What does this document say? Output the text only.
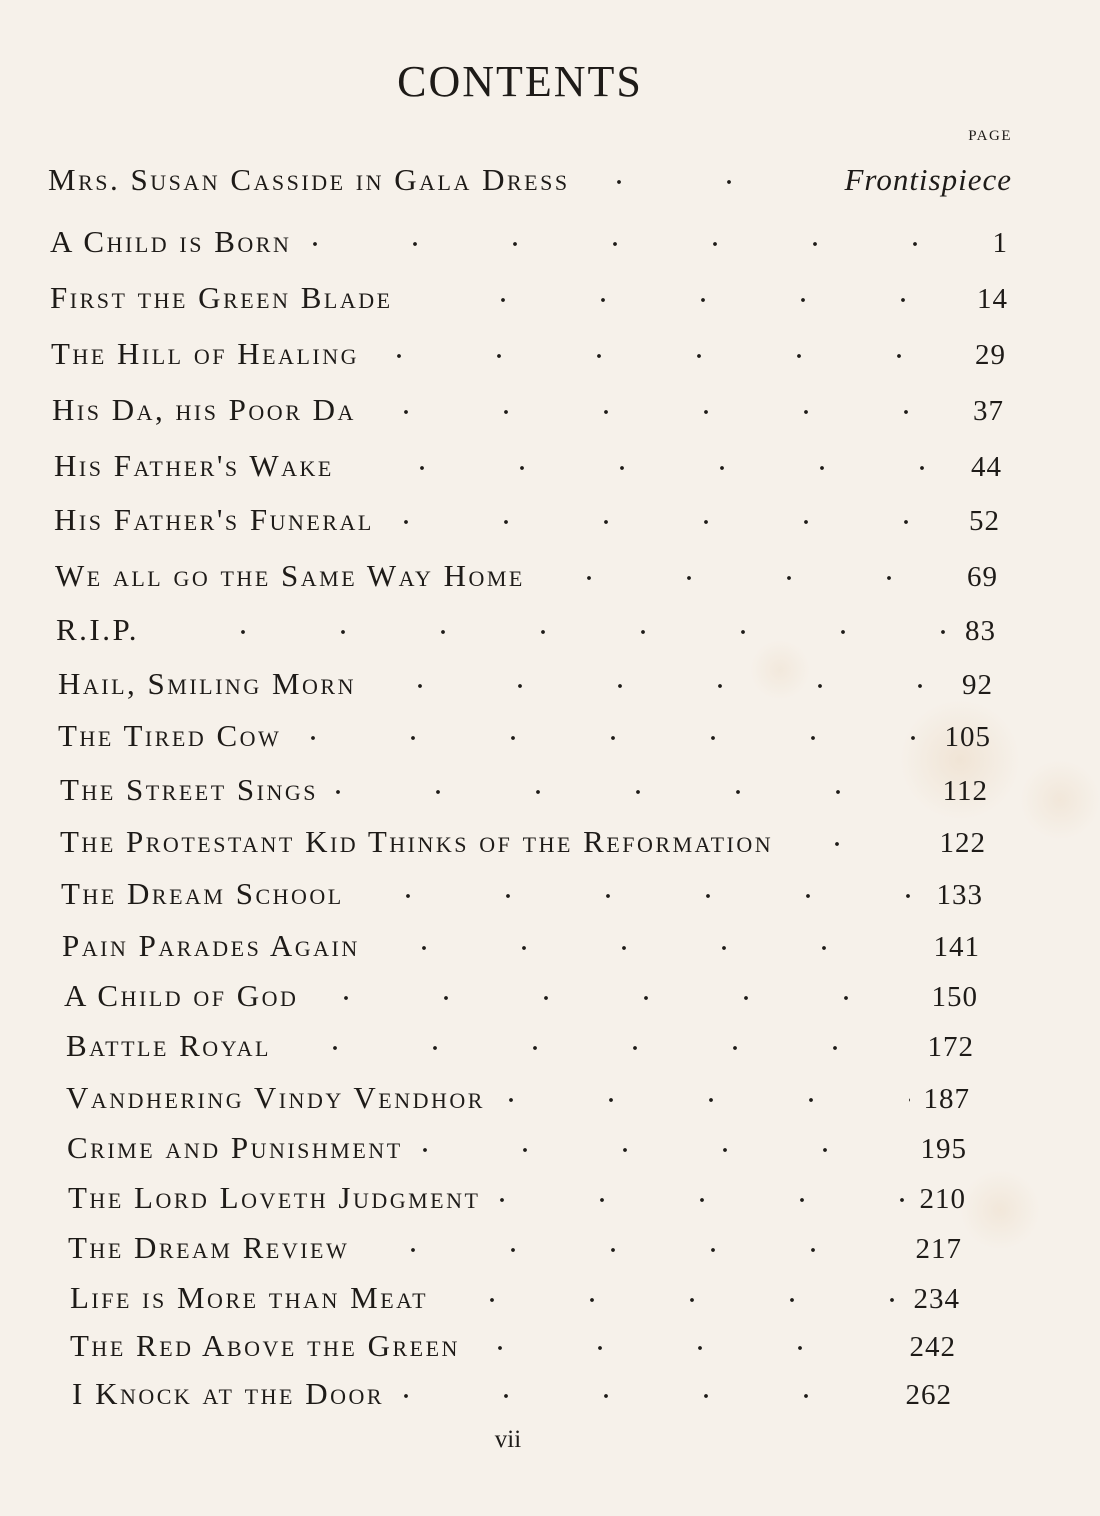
CONTENTS
PAGE
Mrs. Susan Casside in Gala Dress	Frontispiece
A Child is Born	1
First the Green Blade	14
The Hill of Healing	29
His Da, his Poor Da	37
His Father's Wake	44
His Father's Funeral	52
We all go the Same Way Home	69
R.I.P.	83
Hail, Smiling Morn	92
The Tired Cow	105
The Street Sings	112
The Protestant Kid Thinks of the Reformation	122
The Dream School	133
Pain Parades Again	141
A Child of God	150
Battle Royal	172
Vandhering Vindy Vendhor	187
Crime and Punishment	195
The Lord Loveth Judgment	210
The Dream Review	217
Life is More than Meat	234
The Red Above the Green	242
I Knock at the Door	262
vii
